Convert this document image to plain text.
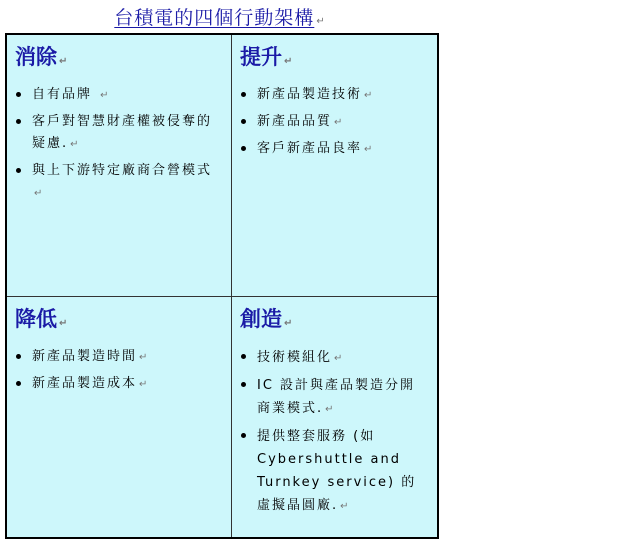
台積電的四個行動架構 ↵
消除 ↵
自有品牌 ↵
客戶對智慧財產權被侵奪的疑慮. ↵
與上下游特定廠商合營模式 ↵
提升 ↵
新產品製造技術 ↵
新產品品質 ↵
客戶新產品良率 ↵
降低 ↵
新產品製造時間 ↵
新產品製造成本 ↵
創造 ↵
技術模組化 ↵
IC 設計與產品製造分開商業模式. ↵
提供整套服務 (如 Cybershuttle and Turnkey service) 的虛擬晶圓廠. ↵
